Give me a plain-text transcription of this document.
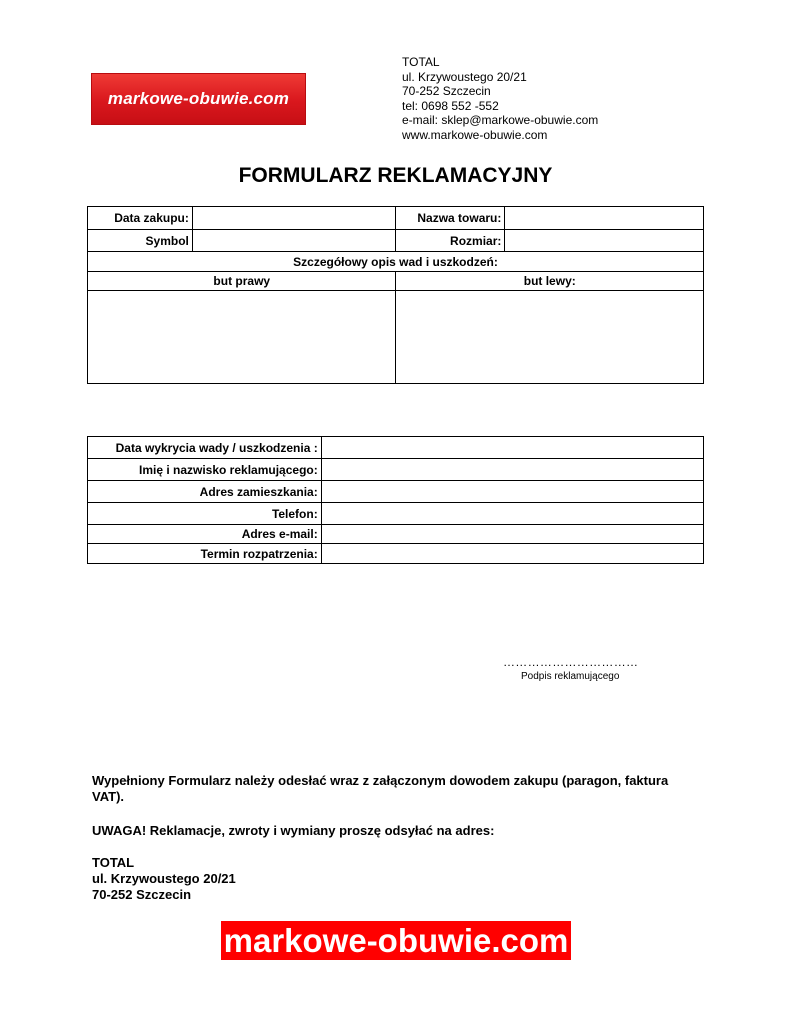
markowe-obuwie.com
TOTAL
ul. Krzywoustego 20/21
70-252 Szczecin
tel: 0698 552 -552
e-mail: sklep@markowe-obuwie.com
www.markowe-obuwie.com
FORMULARZ REKLAMACYJNY
Data zakupu:		Nazwa towaru:	
Symbol		Rozmiar:	
Szczegółowy opis wad i uszkodzeń:			
but prawy		but lewy:	

Data wykrycia wady / uszkodzenia :	
Imię i nazwisko reklamującego:	
Adres zamieszkania:	
Telefon:	
Adres e-mail:	
Termin rozpatrzenia:	
……………………………
Podpis reklamującego
Wypełniony Formularz należy odesłać wraz z załączonym dowodem zakupu (paragon, faktura VAT).
UWAGA! Reklamacje, zwroty i wymiany proszę odsyłać na adres:
TOTAL
ul. Krzywoustego 20/21
70-252 Szczecin
markowe-obuwie.com
